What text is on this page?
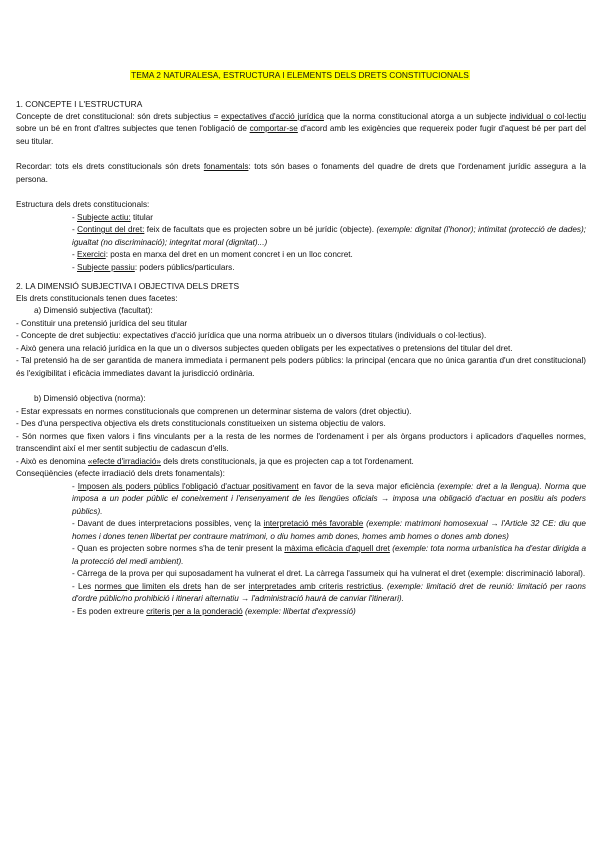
TEMA 2 NATURALESA, ESTRUCTURA I ELEMENTS DELS DRETS CONSTITUCIONALS

1. CONCEPTE I L'ESTRUCTURA

Concepte de dret constitucional: són drets subjectius = expectatives d'acció jurídica que la norma constitucional atorga a un subjecte individual o col·lectiu sobre un bé en front d'altres subjectes que tenen l'obligació de comportar-se d'acord amb les exigències que requereix poder fugir d'aquest bé per part del seu titular.

Recordar: tots els drets constitucionals són drets fonamentals: tots són bases o fonaments del quadre de drets que l'ordenament jurídic assegura a la persona.

Estructura dels drets constitucionals:

- Subjecte actiu: titular

- Contingut del dret: feix de facultats que es projecten sobre un bé jurídic (objecte). (exemple: dignitat (l'honor); intimitat (protecció de dades); igualtat (no discriminació); integritat moral (dignitat)...)

- Exercici: posta en marxa del dret en un moment concret i en un lloc concret.

- Subjecte passiu: poders públics/particulars.

2. LA DIMENSIÓ SUBJECTIVA I OBJECTIVA DELS DRETS

Els drets constitucionals tenen dues facetes:

a) Dimensió subjectiva (facultat):

- Constituir una pretensió jurídica del seu titular

- Concepte de dret subjectiu: expectatives d'acció jurídica que una norma atribueix un o diversos titulars (individuals o col·lectius).

- Això genera una relació jurídica en la que un o diversos subjectes queden obligats per les expectatives o pretensions del titular del dret.

- Tal pretensió ha de ser garantida de manera immediata i permanent pels poders públics: la principal (encara que no única garantia d'un dret constitucional) és l'exigibilitat i eficàcia immediates davant la jurisdicció ordinària.

b) Dimensió objectiva (norma):

- Estar expressats en normes constitucionals que comprenen un determinar sistema de valors (dret objectiu).

- Des d'una perspectiva objectiva els drets constitucionals constitueixen un sistema objectiu de valors.

- Són normes que fixen valors i fins vinculants per a la resta de les normes de l'ordenament i per als òrgans productors i aplicadors d'aquelles normes, transcendint així el mer sentit subjectiu de cadascun d'ells.

- Això es denomina «efecte d'irradiació» dels drets constitucionals, ja que es projecten cap a tot l'ordenament.

Conseqüències (efecte irradiació dels drets fonamentals):

- Imposen als poders públics l'obligació d'actuar positivament en favor de la seva major eficiència (exemple: dret a la llengua). Norma que imposa a un poder públic el coneixement i l'ensenyament de les llengües oficials → imposa una obligació d'actuar en positiu als poders públics).

- Davant de dues interpretacions possibles, venç la interpretació més favorable (exemple: matrimoni homosexual → l'Article 32 CE: diu que homes i dones tenen llibertat per contraure matrimoni, o diu homes amb dones, homes amb homes o dones amb dones)

- Quan es projecten sobre normes s'ha de tenir present la màxima eficàcia d'aquell dret (exemple: tota norma urbanística ha d'estar dirigida a la protecció del medi ambient).

- Càrrega de la prova per qui suposadament ha vulnerat el dret. La càrrega l'assumeix qui ha vulnerat el dret (exemple: discriminació laboral).

- Les normes que limiten els drets han de ser interpretades amb criteris restrictius. (exemple: limitació dret de reunió: limitació per raons d'ordre públic/no prohibició i itinerari alternatiu → l'administració haurà de canviar l'itinerari).

- Es poden extreure criteris per a la ponderació (exemple: llibertat d'expressió)
